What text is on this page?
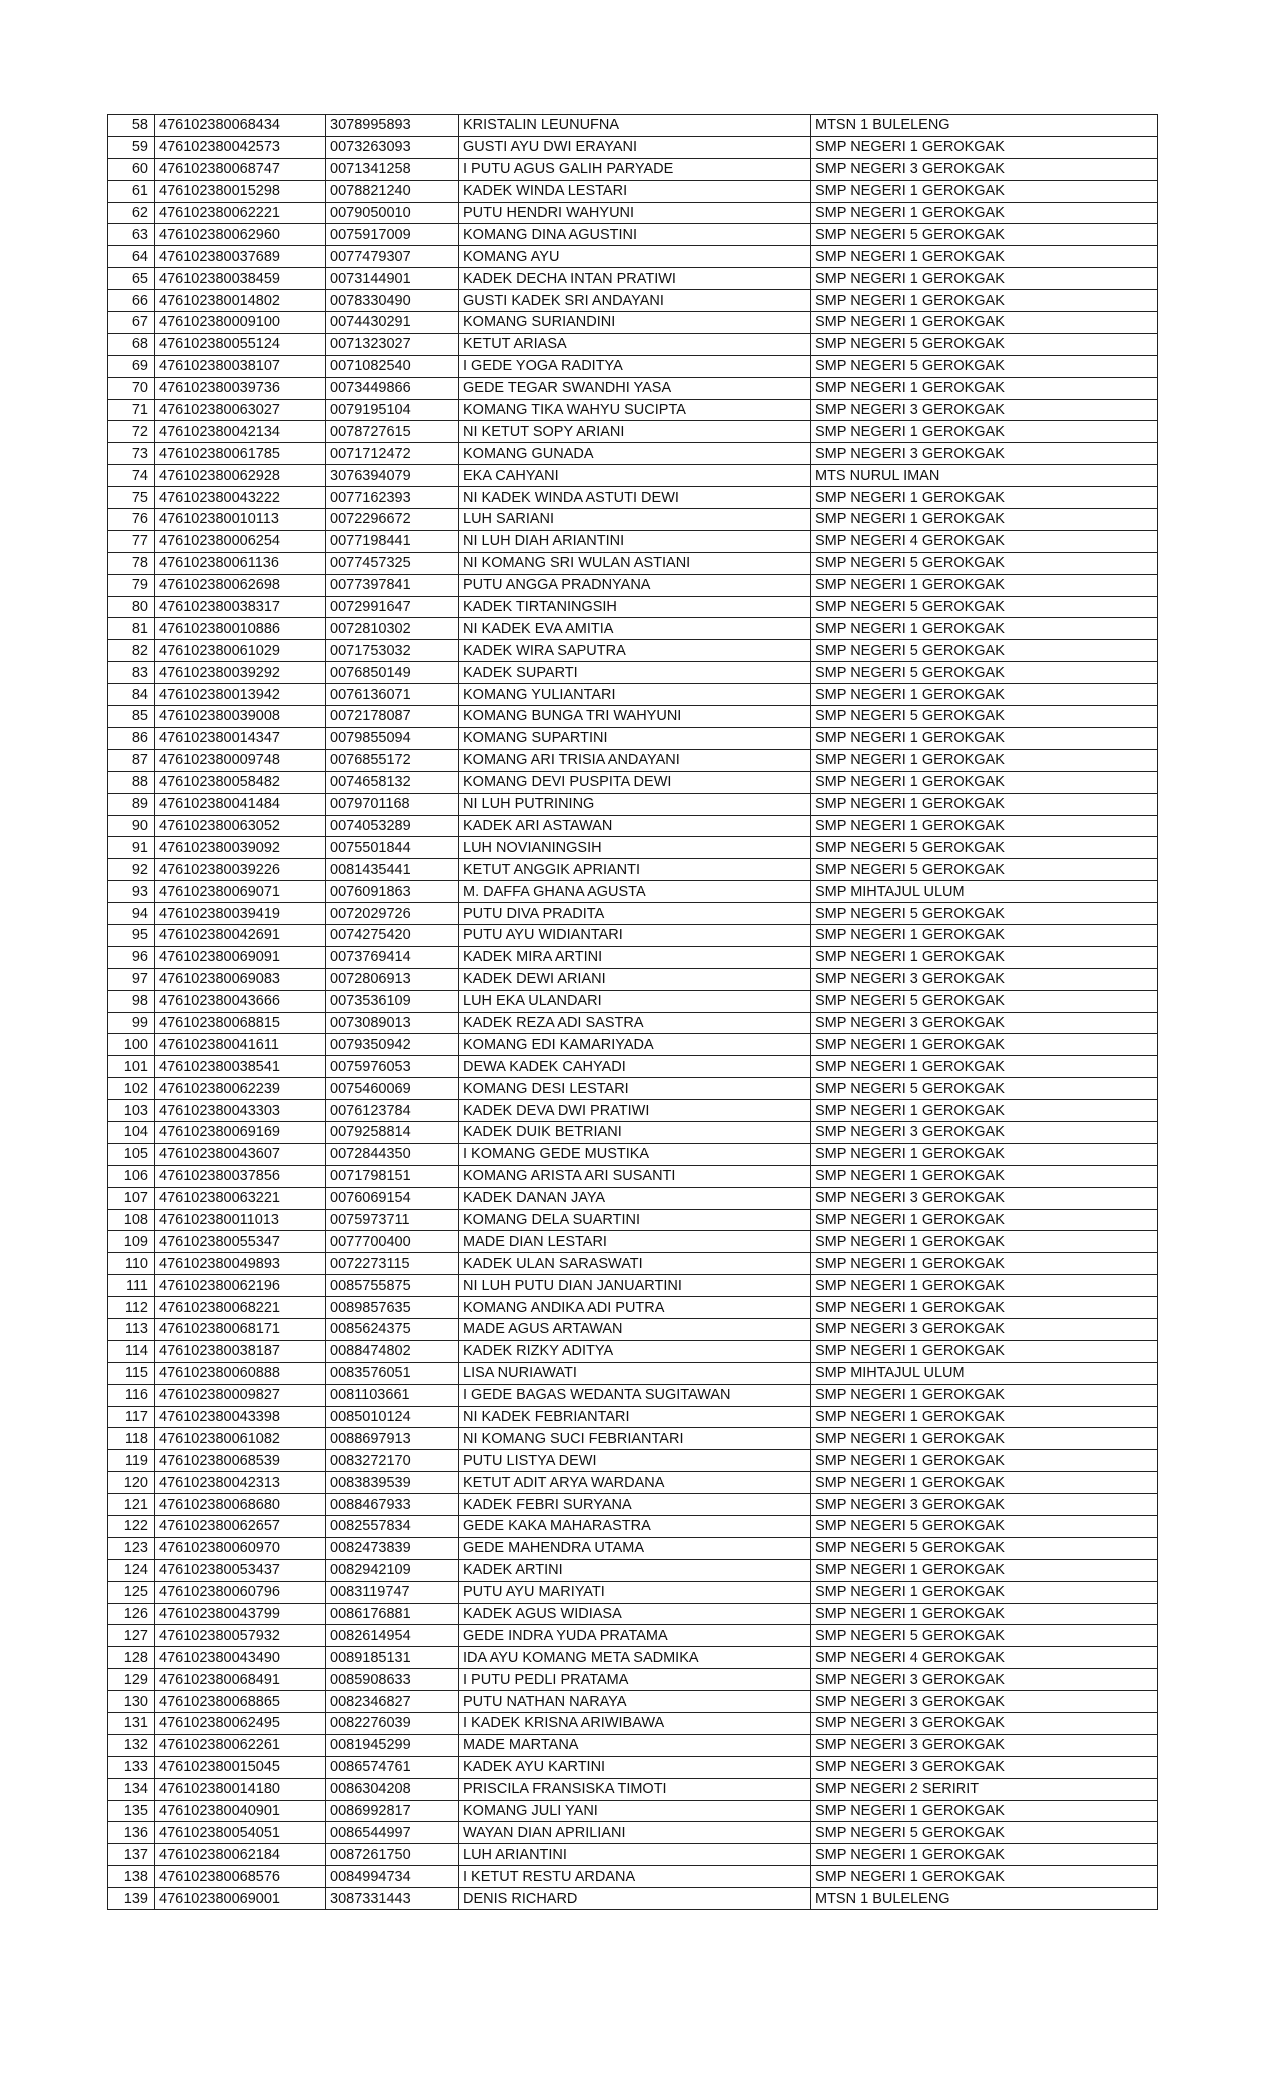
58	476102380068434	3078995893	KRISTALIN LEUNUFNA	MTSN 1 BULELENG
59	476102380042573	0073263093	GUSTI AYU DWI ERAYANI	SMP NEGERI 1 GEROKGAK
60	476102380068747	0071341258	I PUTU AGUS GALIH PARYADE	SMP NEGERI 3 GEROKGAK
61	476102380015298	0078821240	KADEK WINDA LESTARI	SMP NEGERI 1 GEROKGAK
62	476102380062221	0079050010	PUTU HENDRI WAHYUNI	SMP NEGERI 1 GEROKGAK
63	476102380062960	0075917009	KOMANG DINA AGUSTINI	SMP NEGERI 5 GEROKGAK
64	476102380037689	0077479307	KOMANG AYU	SMP NEGERI 1 GEROKGAK
65	476102380038459	0073144901	KADEK DECHA INTAN PRATIWI	SMP NEGERI 1 GEROKGAK
66	476102380014802	0078330490	GUSTI KADEK SRI ANDAYANI	SMP NEGERI 1 GEROKGAK
67	476102380009100	0074430291	KOMANG SURIANDINI	SMP NEGERI 1 GEROKGAK
68	476102380055124	0071323027	KETUT ARIASA	SMP NEGERI 5 GEROKGAK
69	476102380038107	0071082540	I GEDE YOGA RADITYA	SMP NEGERI 5 GEROKGAK
70	476102380039736	0073449866	GEDE TEGAR SWANDHI YASA	SMP NEGERI 1 GEROKGAK
71	476102380063027	0079195104	KOMANG TIKA WAHYU SUCIPTA	SMP NEGERI 3 GEROKGAK
72	476102380042134	0078727615	NI KETUT SOPY ARIANI	SMP NEGERI 1 GEROKGAK
73	476102380061785	0071712472	KOMANG GUNADA	SMP NEGERI 3 GEROKGAK
74	476102380062928	3076394079	EKA CAHYANI	MTS NURUL IMAN
75	476102380043222	0077162393	NI KADEK WINDA ASTUTI DEWI	SMP NEGERI 1 GEROKGAK
76	476102380010113	0072296672	LUH SARIANI	SMP NEGERI 1 GEROKGAK
77	476102380006254	0077198441	NI LUH DIAH ARIANTINI	SMP NEGERI 4 GEROKGAK
78	476102380061136	0077457325	NI KOMANG SRI WULAN ASTIANI	SMP NEGERI 5 GEROKGAK
79	476102380062698	0077397841	PUTU ANGGA PRADNYANA	SMP NEGERI 1 GEROKGAK
80	476102380038317	0072991647	KADEK TIRTANINGSIH	SMP NEGERI 5 GEROKGAK
81	476102380010886	0072810302	NI KADEK EVA AMITIA	SMP NEGERI 1 GEROKGAK
82	476102380061029	0071753032	KADEK WIRA SAPUTRA	SMP NEGERI 5 GEROKGAK
83	476102380039292	0076850149	KADEK SUPARTI	SMP NEGERI 5 GEROKGAK
84	476102380013942	0076136071	KOMANG YULIANTARI	SMP NEGERI 1 GEROKGAK
85	476102380039008	0072178087	KOMANG BUNGA TRI WAHYUNI	SMP NEGERI 5 GEROKGAK
86	476102380014347	0079855094	KOMANG SUPARTINI	SMP NEGERI 1 GEROKGAK
87	476102380009748	0076855172	KOMANG ARI TRISIA ANDAYANI	SMP NEGERI 1 GEROKGAK
88	476102380058482	0074658132	KOMANG DEVI PUSPITA DEWI	SMP NEGERI 1 GEROKGAK
89	476102380041484	0079701168	NI LUH PUTRINING	SMP NEGERI 1 GEROKGAK
90	476102380063052	0074053289	KADEK ARI ASTAWAN	SMP NEGERI 1 GEROKGAK
91	476102380039092	0075501844	LUH NOVIANINGSIH	SMP NEGERI 5 GEROKGAK
92	476102380039226	0081435441	KETUT ANGGIK APRIANTI	SMP NEGERI 5 GEROKGAK
93	476102380069071	0076091863	M. DAFFA GHANA AGUSTA	SMP MIHTAJUL ULUM
94	476102380039419	0072029726	PUTU DIVA PRADITA	SMP NEGERI 5 GEROKGAK
95	476102380042691	0074275420	PUTU AYU WIDIANTARI	SMP NEGERI 1 GEROKGAK
96	476102380069091	0073769414	KADEK MIRA ARTINI	SMP NEGERI 1 GEROKGAK
97	476102380069083	0072806913	KADEK DEWI ARIANI	SMP NEGERI 3 GEROKGAK
98	476102380043666	0073536109	LUH EKA ULANDARI	SMP NEGERI 5 GEROKGAK
99	476102380068815	0073089013	KADEK REZA ADI SASTRA	SMP NEGERI 3 GEROKGAK
100	476102380041611	0079350942	KOMANG EDI KAMARIYADA	SMP NEGERI 1 GEROKGAK
101	476102380038541	0075976053	DEWA KADEK CAHYADI	SMP NEGERI 1 GEROKGAK
102	476102380062239	0075460069	KOMANG DESI LESTARI	SMP NEGERI 5 GEROKGAK
103	476102380043303	0076123784	KADEK DEVA DWI PRATIWI	SMP NEGERI 1 GEROKGAK
104	476102380069169	0079258814	KADEK DUIK BETRIANI	SMP NEGERI 3 GEROKGAK
105	476102380043607	0072844350	I KOMANG GEDE MUSTIKA	SMP NEGERI 1 GEROKGAK
106	476102380037856	0071798151	KOMANG ARISTA ARI SUSANTI	SMP NEGERI 1 GEROKGAK
107	476102380063221	0076069154	KADEK DANAN JAYA	SMP NEGERI 3 GEROKGAK
108	476102380011013	0075973711	KOMANG DELA SUARTINI	SMP NEGERI 1 GEROKGAK
109	476102380055347	0077700400	MADE DIAN LESTARI	SMP NEGERI 1 GEROKGAK
110	476102380049893	0072273115	KADEK ULAN SARASWATI	SMP NEGERI 1 GEROKGAK
111	476102380062196	0085755875	NI LUH PUTU DIAN JANUARTINI	SMP NEGERI 1 GEROKGAK
112	476102380068221	0089857635	KOMANG ANDIKA ADI PUTRA	SMP NEGERI 1 GEROKGAK
113	476102380068171	0085624375	MADE AGUS ARTAWAN	SMP NEGERI 3 GEROKGAK
114	476102380038187	0088474802	KADEK RIZKY ADITYA	SMP NEGERI 1 GEROKGAK
115	476102380060888	0083576051	LISA NURIAWATI	SMP MIHTAJUL ULUM
116	476102380009827	0081103661	I GEDE BAGAS WEDANTA SUGITAWAN	SMP NEGERI 1 GEROKGAK
117	476102380043398	0085010124	NI KADEK FEBRIANTARI	SMP NEGERI 1 GEROKGAK
118	476102380061082	0088697913	NI KOMANG SUCI FEBRIANTARI	SMP NEGERI 1 GEROKGAK
119	476102380068539	0083272170	PUTU LISTYA DEWI	SMP NEGERI 1 GEROKGAK
120	476102380042313	0083839539	KETUT ADIT ARYA WARDANA	SMP NEGERI 1 GEROKGAK
121	476102380068680	0088467933	KADEK FEBRI SURYANA	SMP NEGERI 3 GEROKGAK
122	476102380062657	0082557834	GEDE KAKA MAHARASTRA	SMP NEGERI 5 GEROKGAK
123	476102380060970	0082473839	GEDE MAHENDRA UTAMA	SMP NEGERI 5 GEROKGAK
124	476102380053437	0082942109	KADEK ARTINI	SMP NEGERI 1 GEROKGAK
125	476102380060796	0083119747	PUTU AYU MARIYATI	SMP NEGERI 1 GEROKGAK
126	476102380043799	0086176881	KADEK AGUS WIDIASA	SMP NEGERI 1 GEROKGAK
127	476102380057932	0082614954	GEDE INDRA YUDA PRATAMA	SMP NEGERI 5 GEROKGAK
128	476102380043490	0089185131	IDA AYU KOMANG META SADMIKA	SMP NEGERI 4 GEROKGAK
129	476102380068491	0085908633	I PUTU PEDLI PRATAMA	SMP NEGERI 3 GEROKGAK
130	476102380068865	0082346827	PUTU NATHAN NARAYA	SMP NEGERI 3 GEROKGAK
131	476102380062495	0082276039	I KADEK KRISNA ARIWIBAWA	SMP NEGERI 3 GEROKGAK
132	476102380062261	0081945299	MADE MARTANA	SMP NEGERI 3 GEROKGAK
133	476102380015045	0086574761	KADEK AYU KARTINI	SMP NEGERI 3 GEROKGAK
134	476102380014180	0086304208	PRISCILA FRANSISKA TIMOTI	SMP NEGERI 2 SERIRIT
135	476102380040901	0086992817	KOMANG JULI YANI	SMP NEGERI 1 GEROKGAK
136	476102380054051	0086544997	WAYAN DIAN APRILIANI	SMP NEGERI 5 GEROKGAK
137	476102380062184	0087261750	LUH ARIANTINI	SMP NEGERI 1 GEROKGAK
138	476102380068576	0084994734	I KETUT RESTU ARDANA	SMP NEGERI 1 GEROKGAK
139	476102380069001	3087331443	DENIS RICHARD	MTSN 1 BULELENG
